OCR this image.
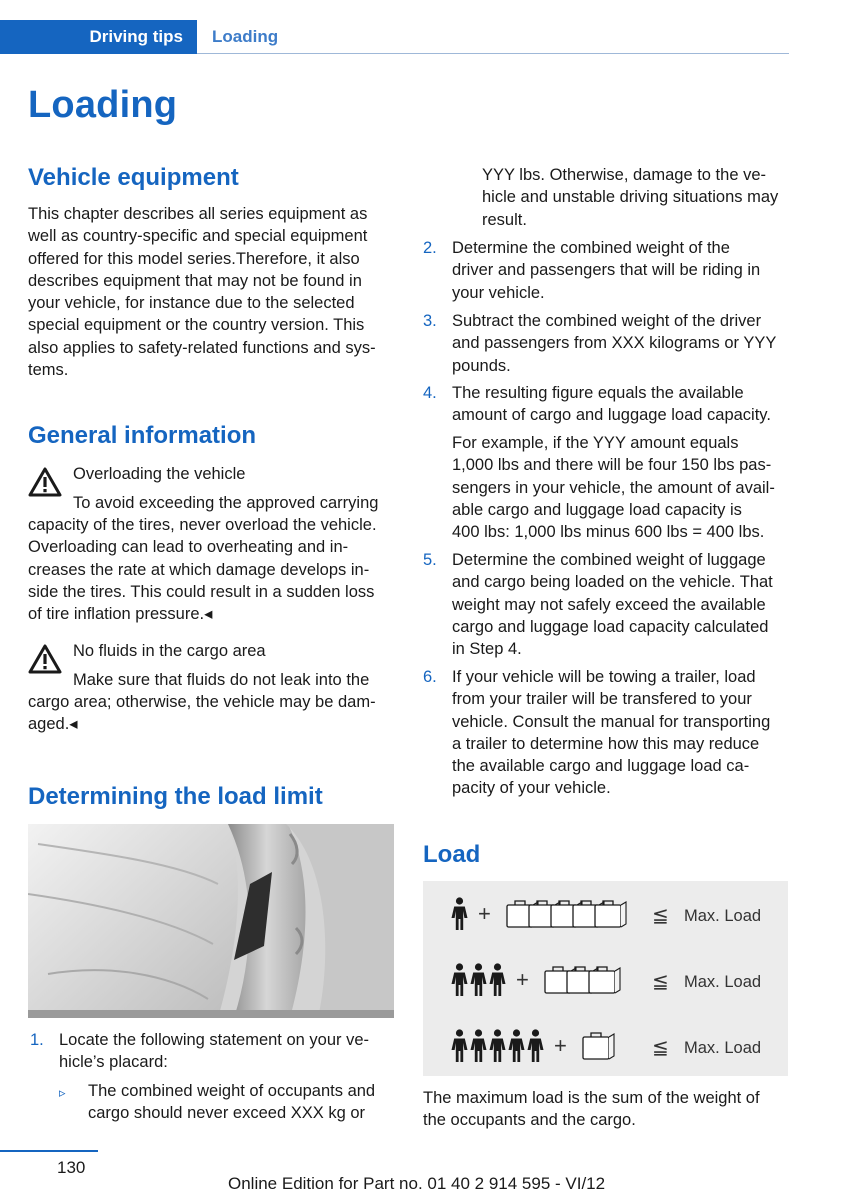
Driving tips Loading
Loading
Vehicle equipment
This chapter describes all series equipment as
well as country-specific and special equipment
offered for this model series.Therefore, it also
describes equipment that may not be found in
your vehicle, for instance due to the selected
special equipment or the country version. This
also applies to safety-related functions and sys-
tems.
General information
Overloading the vehicle
To avoid exceeding the approved carrying
capacity of the tires, never overload the vehicle.
Overloading can lead to overheating and in-
creases the rate at which damage develops in-
side the tires. This could result in a sudden loss
of tire inflation pressure.◂
No fluids in the cargo area
Make sure that fluids do not leak into the
cargo area; otherwise, the vehicle may be dam-
aged.◂
Determining the load limit
1. Locate the following statement on your ve-
hicle’s placard:
▹ The combined weight of occupants and
cargo should never exceed XXX kg or
YYY lbs. Otherwise, damage to the ve-
hicle and unstable driving situations may
result.
2. Determine the combined weight of the
driver and passengers that will be riding in
your vehicle.
3. Subtract the combined weight of the driver
and passengers from XXX kilograms or YYY
pounds.
4. The resulting figure equals the available
amount of cargo and luggage load capacity.
For example, if the YYY amount equals
1,000 lbs and there will be four 150 lbs pas-
sengers in your vehicle, the amount of avail-
able cargo and luggage load capacity is
400 lbs: 1,000 lbs minus 600 lbs = 400 lbs.
5. Determine the combined weight of luggage
and cargo being loaded on the vehicle. That
weight may not safely exceed the available
cargo and luggage load capacity calculated
in Step 4.
6. If your vehicle will be towing a trailer, load
from your trailer will be transfered to your
vehicle. Consult the manual for transporting
a trailer to determine how this may reduce
the available cargo and luggage load ca-
pacity of your vehicle.
Load
+	≦ Max. Load
+	≦ Max. Load
+	≦ Max. Load
The maximum load is the sum of the weight of
the occupants and the cargo.
130
Online Edition for Part no. 01 40 2 914 595 - VI/12
